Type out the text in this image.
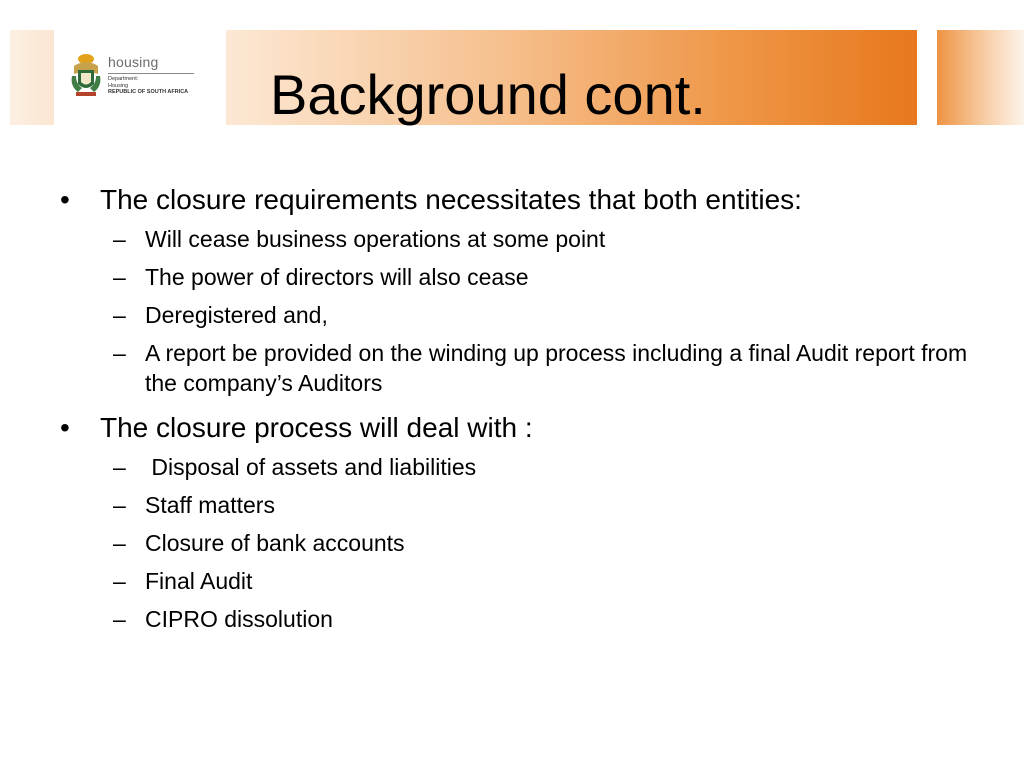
housing
Department:
Housing
REPUBLIC OF SOUTH AFRICA Background cont.
• The closure requirements necessitates that both entities:
– Will cease business operations at some point
– The power of directors will also cease
– Deregistered and,
– A report be provided on the winding up process including a final Audit report from the company’s Auditors
• The closure process will deal with :
– Disposal of assets and liabilities
– Staff matters
– Closure of bank accounts
– Final Audit
– CIPRO dissolution
